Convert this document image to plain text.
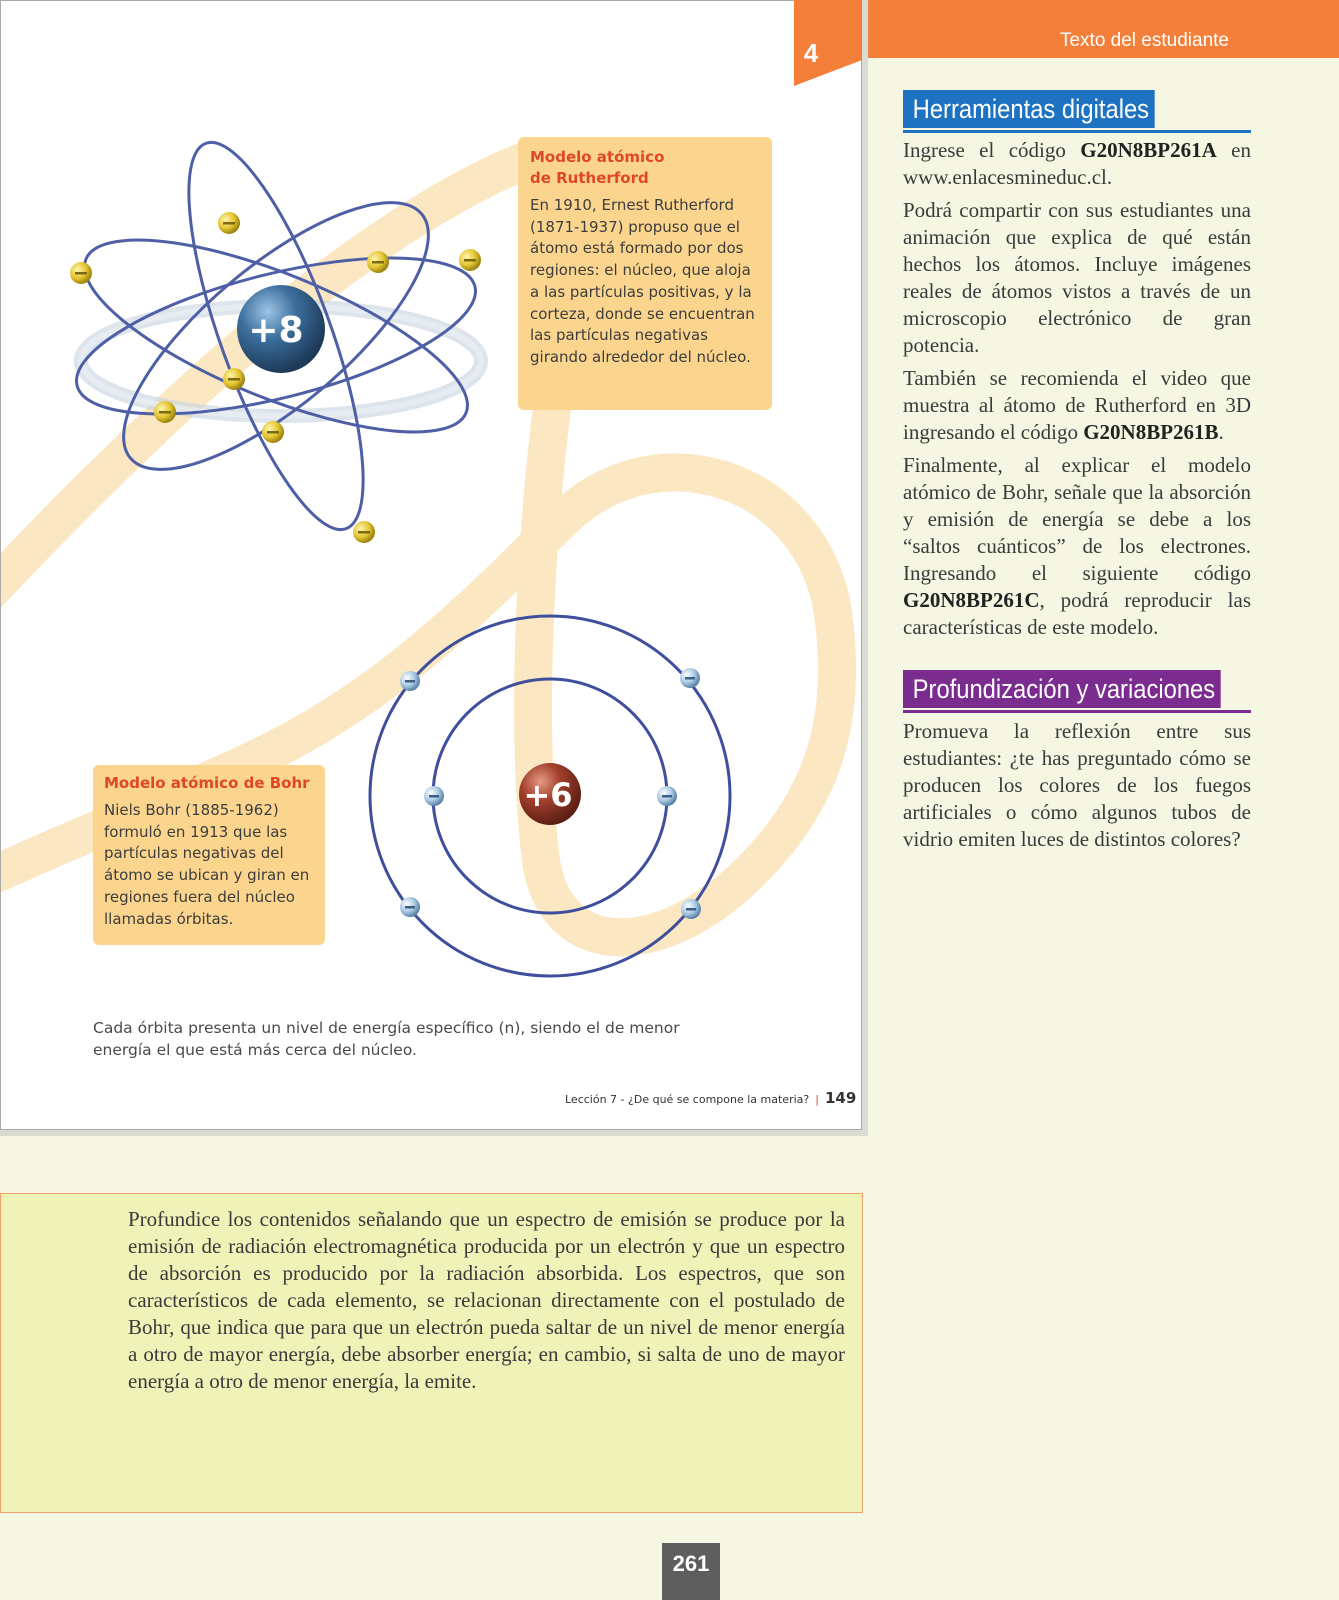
Texto del estudiante
+8
+6
Modelo atómico
de Rutherford
En 1910, Ernest Rutherford (1871-1937) propuso que el átomo está formado por dos regiones: el núcleo, que aloja a las partículas positivas, y la corteza, donde se encuentran las partículas negativas girando alrededor del núcleo.
Modelo atómico de Bohr
Niels Bohr (1885-1962) formuló en 1913 que las partículas negativas del átomo se ubican y giran en regiones fuera del núcleo llamadas órbitas.
Cada órbita presenta un nivel de energía específico (n), siendo el de menor energía el que está más cerca del núcleo.
Lección 7 - ¿De qué se compone la materia? | 149
4
Herramientas digitales

Ingrese el código G20N8BP261A en www.enlacesmineduc.cl.

Podrá compartir con sus estudiantes una animación que explica de qué están hechos los átomos. Incluye imágenes reales de átomos vistos a través de un microscopio electrónico de gran potencia.

También se recomienda el video que muestra al átomo de Rutherford en 3D ingresando el código G20N8BP261B.

Finalmente, al explicar el modelo atómico de Bohr, señale que la absorción y emisión de energía se debe a los “saltos cuánticos” de los electrones. Ingresando el siguiente código G20N8BP261C, podrá reproducir las características de este modelo.

Profundización y variaciones
Promueva la reflexión entre sus estudiantes: ¿te has preguntado cómo se producen los colores de los fuegos artificiales o cómo algunos tubos de vidrio emiten luces de distintos colores?
Profundice los contenidos señalando que un espectro de emisión se produce por la emisión de radiación electromagnética producida por un electrón y que un espectro de absorción es producido por la radiación absorbida. Los espectros, que son característicos de cada elemento, se relacionan directamente con el postulado de Bohr, que indica que para que un electrón pueda saltar de un nivel de menor energía a otro de mayor energía, debe absorber energía; en cambio, si salta de uno de mayor energía a otro de menor energía, la emite.
261
